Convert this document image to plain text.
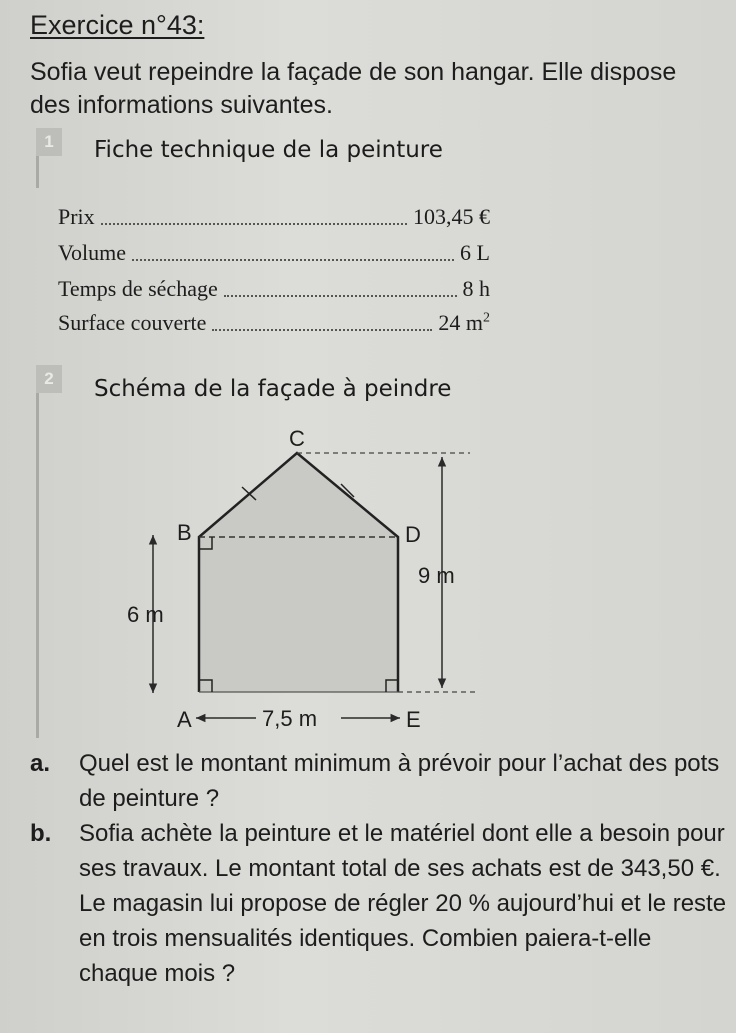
Exercice n°43:
Sofia veut repeindre la façade de son hangar. Elle dispose des informations suivantes.
1	Fiche technique de la peinture
Prix	103,45 €
Volume	6 L
Temps de séchage	8 h
Surface couverte	24 $m^2$
2	Schéma de la façade à peindre
C
B	D
A	E
6 m
9 m
7,5 m
a. Quel est le montant minimum à prévoir pour l’achat des pots de peinture ?
b. Sofia achète la peinture et le matériel dont elle a besoin pour ses travaux. Le montant total de ses achats est de 343,50 €. Le magasin lui propose de régler 20 % aujourd’hui et le reste en trois mensualités identiques. Combien paiera-t-elle chaque mois ?
